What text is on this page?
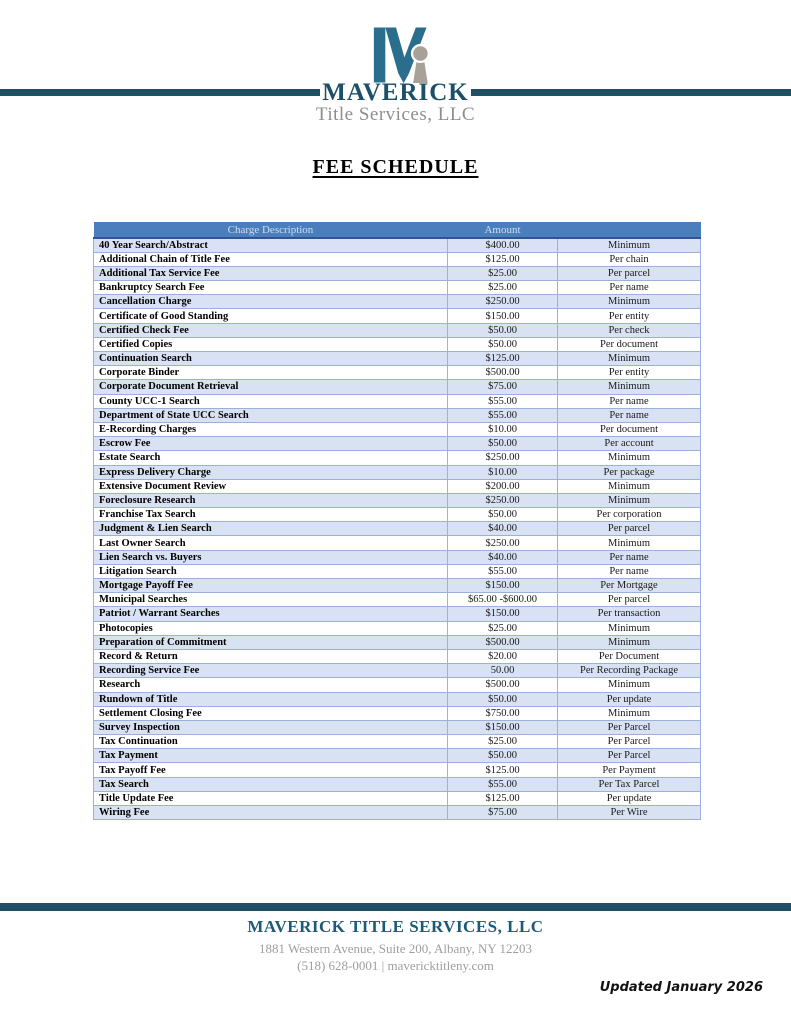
MAVERICK
Title Services, LLC
FEE SCHEDULE
Charge Description	Amount	
40 Year Search/Abstract	$400.00	Minimum
Additional Chain of Title Fee	$125.00	Per chain
Additional Tax Service Fee	$25.00	Per parcel
Bankruptcy Search Fee	$25.00	Per name
Cancellation Charge	$250.00	Minimum
Certificate of Good Standing	$150.00	Per entity
Certified Check Fee	$50.00	Per check
Certified Copies	$50.00	Per document
Continuation Search	$125.00	Minimum
Corporate Binder	$500.00	Per entity
Corporate Document Retrieval	$75.00	Minimum
County UCC-1 Search	$55.00	Per name
Department of State UCC Search	$55.00	Per name
E-Recording Charges	$10.00	Per document
Escrow Fee	$50.00	Per account
Estate Search	$250.00	Minimum
Express Delivery Charge	$10.00	Per package
Extensive Document Review	$200.00	Minimum
Foreclosure Research	$250.00	Minimum
Franchise Tax Search	$50.00	Per corporation
Judgment & Lien Search	$40.00	Per parcel
Last Owner Search	$250.00	Minimum
Lien Search vs. Buyers	$40.00	Per name
Litigation Search	$55.00	Per name
Mortgage Payoff Fee	$150.00	Per Mortgage
Municipal Searches	$65.00 -$600.00	Per parcel
Patriot / Warrant Searches	$150.00	Per transaction
Photocopies	$25.00	Minimum
Preparation of Commitment	$500.00	Minimum
Record & Return	$20.00	Per Document
Recording Service Fee	50.00	Per Recording Package
Research	$500.00	Minimum
Rundown of Title	$50.00	Per update
Settlement Closing Fee	$750.00	Minimum
Survey Inspection	$150.00	Per Parcel
Tax Continuation	$25.00	Per Parcel
Tax Payment	$50.00	Per Parcel
Tax Payoff Fee	$125.00	Per Payment
Tax Search	$55.00	Per Tax Parcel
Title Update Fee	$125.00	Per update
Wiring Fee	$75.00	Per Wire
MAVERICK TITLE SERVICES, LLC
1881 Western Avenue, Suite 200, Albany, NY 12203
(518) 628-0001 | mavericktitleny.com
Updated January 2026
